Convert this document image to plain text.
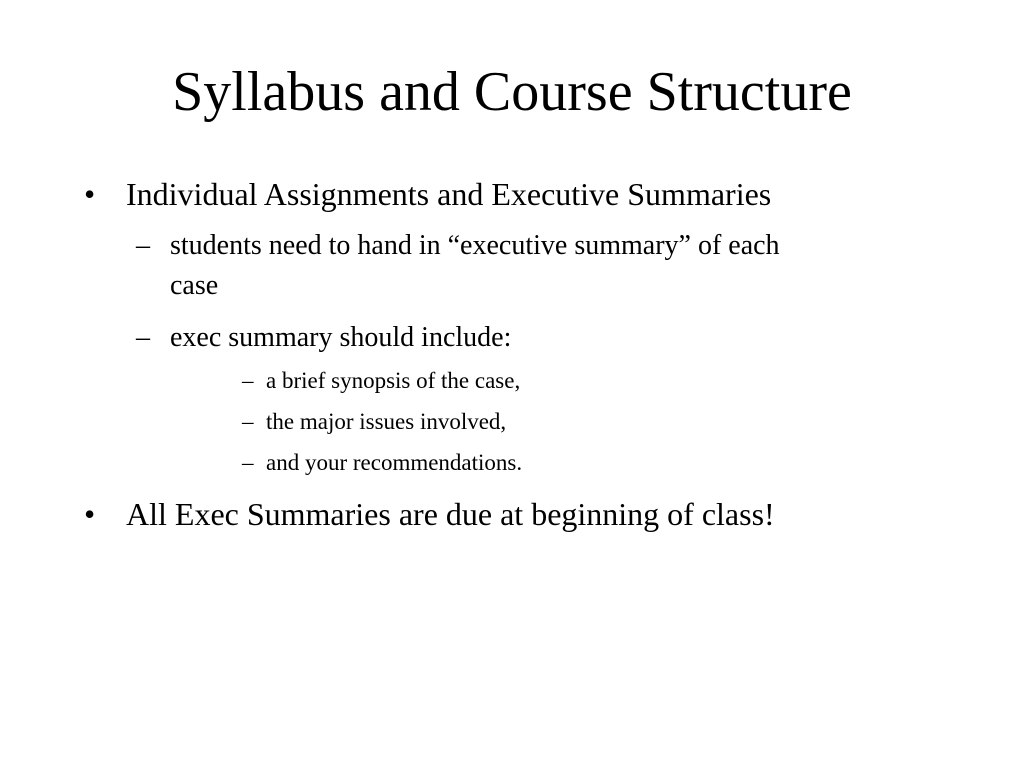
Syllabus and Course Structure
• Individual Assignments and Executive Summaries
– students need to hand in “executive summary” of each
case
– exec summary should include:
– a brief synopsis of the case,
– the major issues involved,
– and your recommendations.
• All Exec Summaries are due at beginning of class!
